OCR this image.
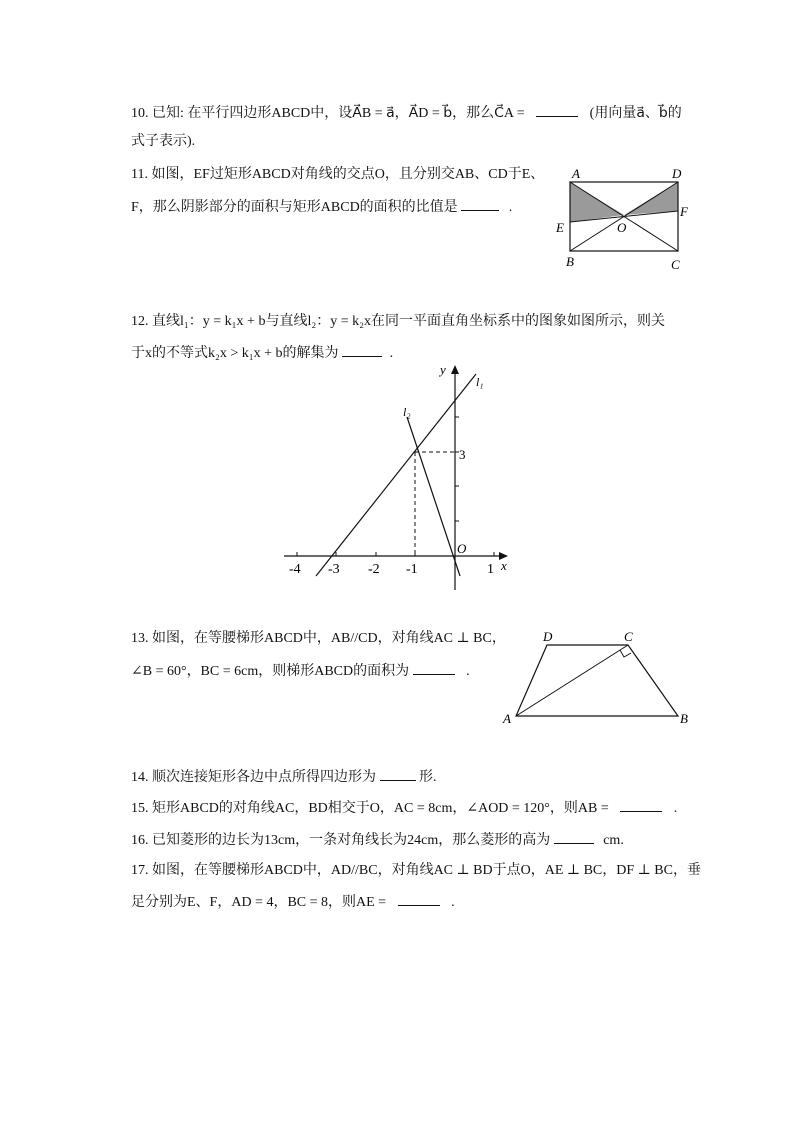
10. 已知: 在平行四边形ABCD中，设A⃗B = a⃗，A⃗D = b⃗，那么C⃗A =	(用向量a⃗、b⃗的
式子表示).
11. 如图，EF过矩形ABCD对角线的交点O，且分别交AB、CD于E、
F，那么阴影部分的面积与矩形ABCD的面积的比值是	.
A	D
F
E	O
B	C
12. 直线l₁：y = k₁x + b与直线l₂：y = k₂x在同一平面直角坐标系中的图象如图所示，则关
于x的不等式k₂x > k₁x + b的解集为	.
y
l₁
l₂
3
O
x
-4 -3 -2 -1	1
13. 如图，在等腰梯形ABCD中，AB//CD，对角线AC ⊥ BC，
∠B = 60°，BC = 6cm，则梯形ABCD的面积为	.
D	C
A	B
14. 顺次连接矩形各边中点所得四边形为	形.
15. 矩形ABCD的对角线AC，BD相交于O，AC = 8cm，∠AOD = 120°，则AB =	.
16. 已知菱形的边长为13cm，一条对角线长为24cm，那么菱形的高为	cm.
17. 如图，在等腰梯形ABCD中，AD//BC，对角线AC ⊥ BD于点O，AE ⊥ BC，DF ⊥ BC，垂
足分别为E、F，AD = 4，BC = 8，则AE =	.
